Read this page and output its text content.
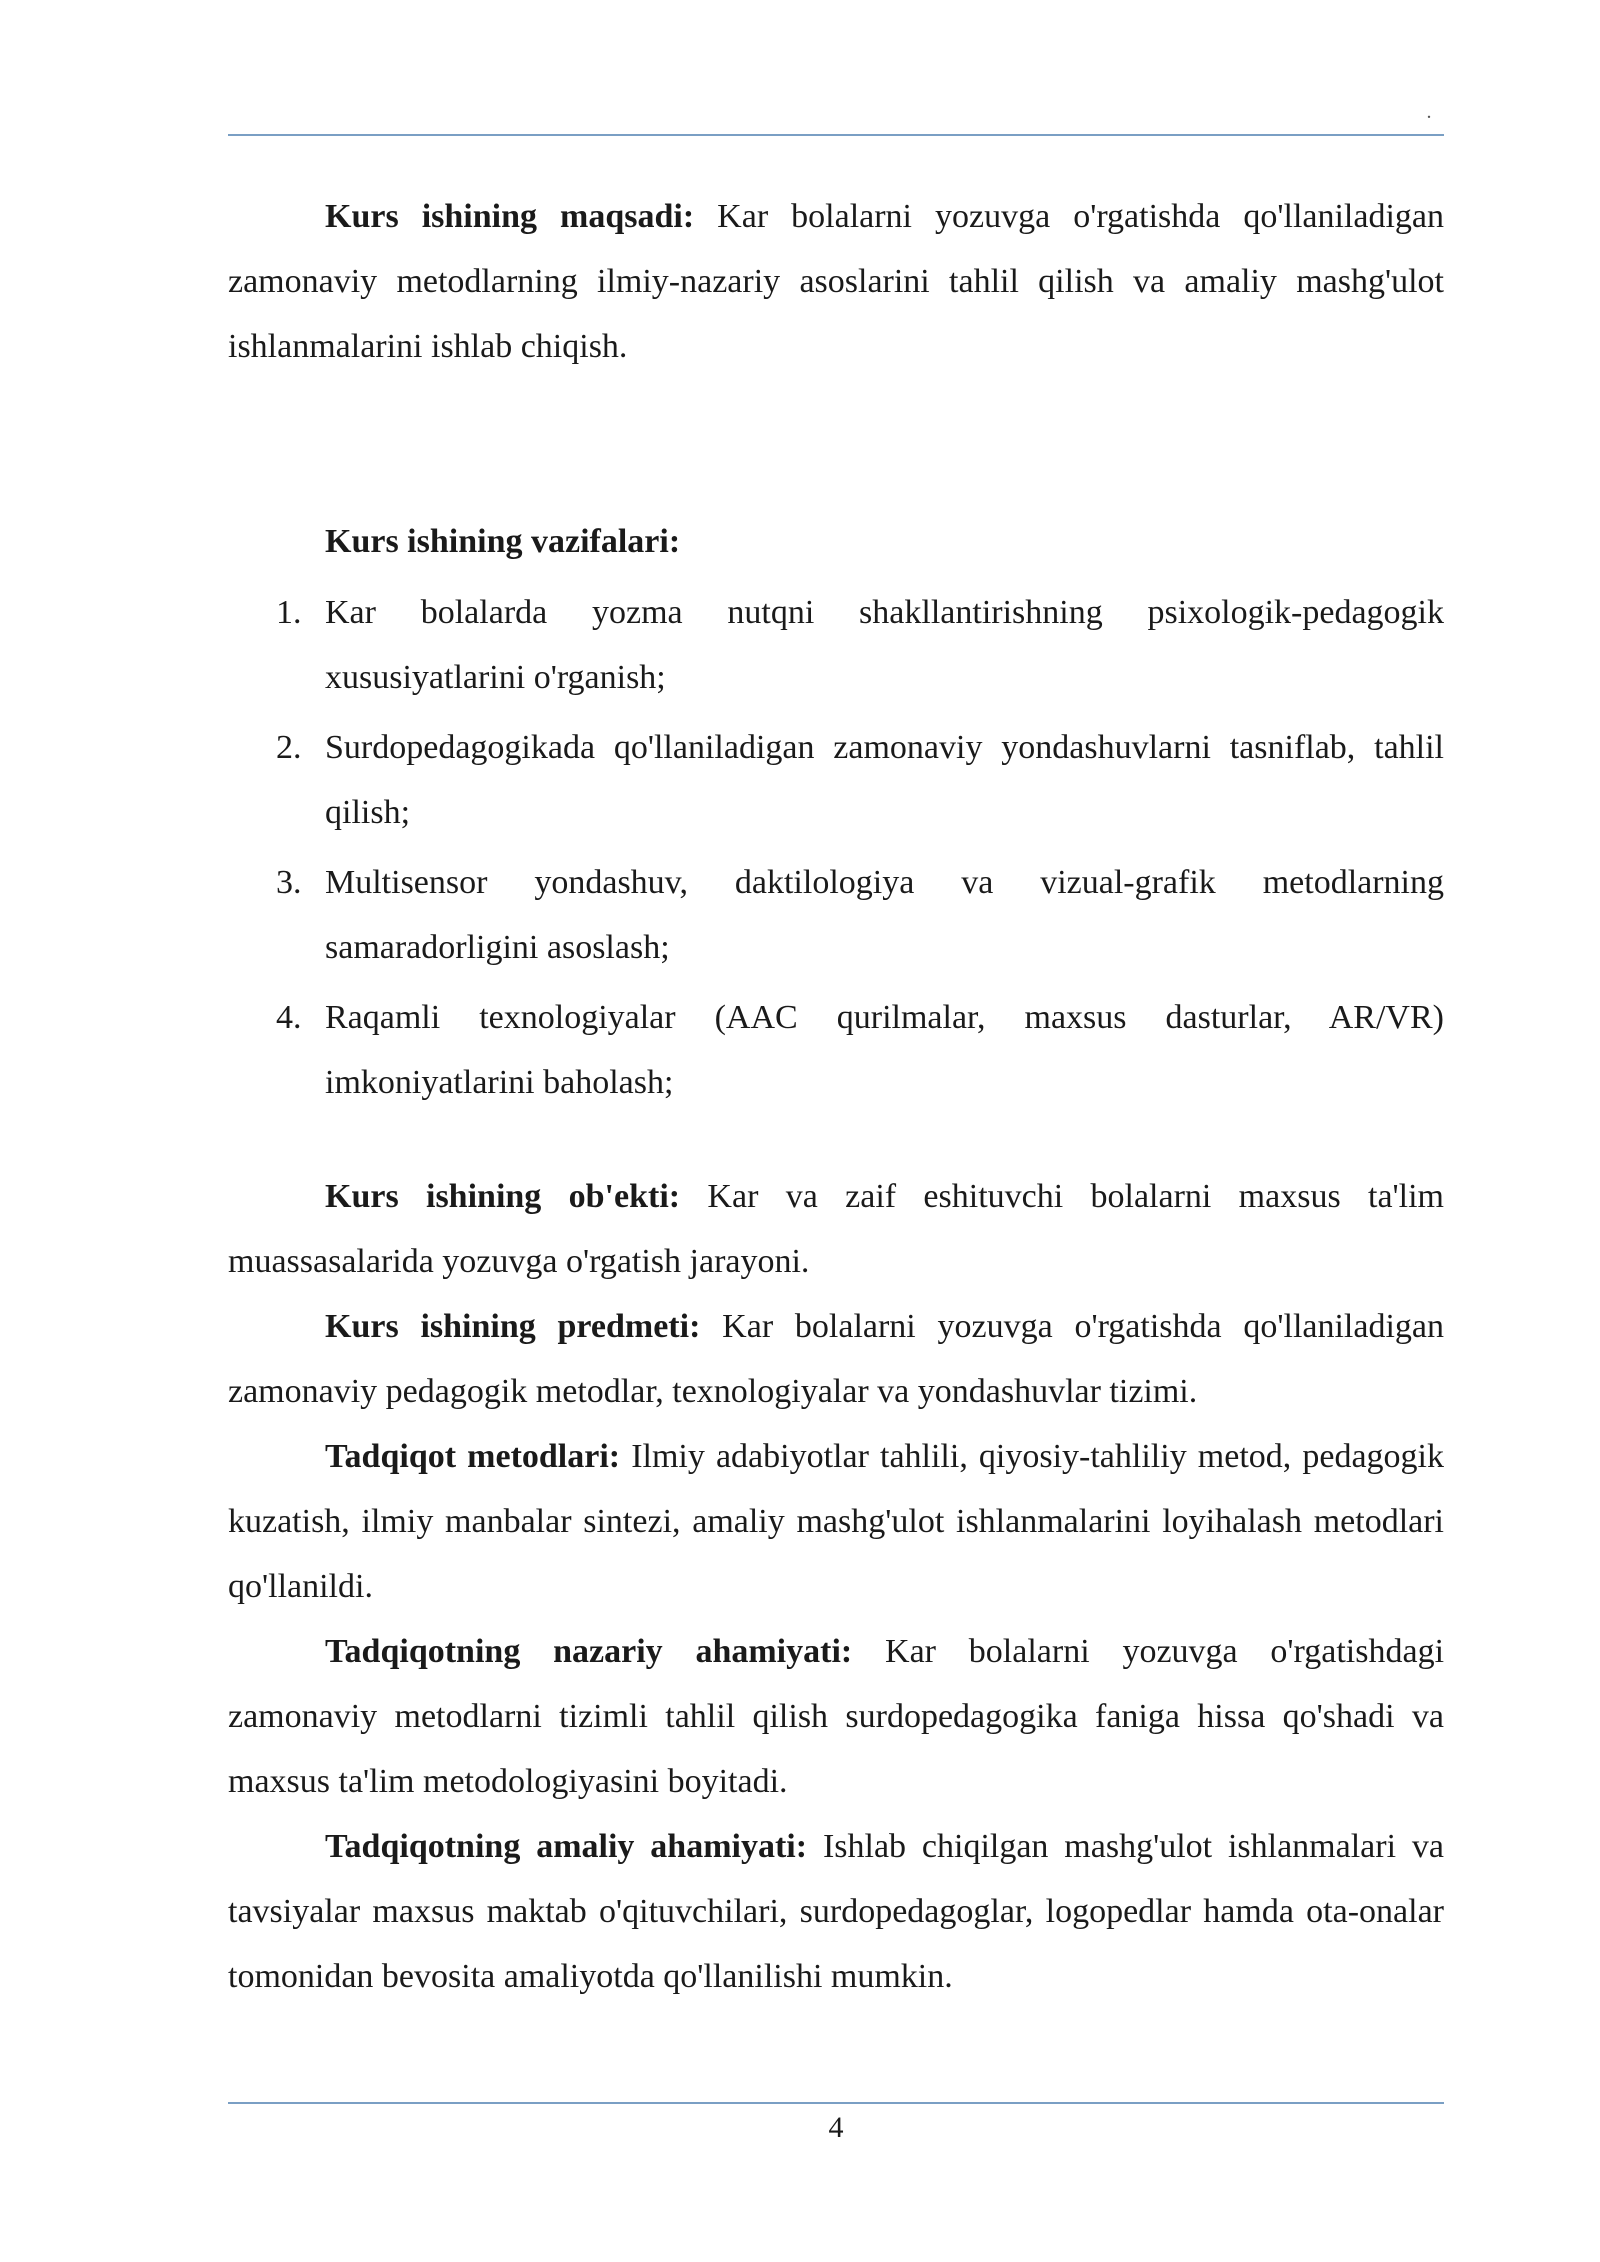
.

Kurs ishining maqsadi: Kar bolalarni yozuvga o'rgatishda qo'llaniladigan zamonaviy metodlarning ilmiy-nazariy asoslarini tahlil qilish va amaliy mashg'ulot ishlanmalarini ishlab chiqish.

Kurs ishining vazifalari:

1. Kar bolalarda yozma nutqni shakllantirishning psixologik-pedagogik xususiyatlarini o'rganish;
2. Surdopedagogikada qo'llaniladigan zamonaviy yondashuvlarni tasniflab, tahlil qilish;
3. Multisensor yondashuv, daktilologiya va vizual-grafik metodlarning samaradorligini asoslash;
4. Raqamli texnologiyalar (AAC qurilmalar, maxsus dasturlar, AR/VR) imkoniyatlarini baholash;

Kurs ishining ob'ekti: Kar va zaif eshituvchi bolalarni maxsus ta'lim muassasalarida yozuvga o'rgatish jarayoni.

Kurs ishining predmeti: Kar bolalarni yozuvga o'rgatishda qo'llaniladigan zamonaviy pedagogik metodlar, texnologiyalar va yondashuvlar tizimi.

Tadqiqot metodlari: Ilmiy adabiyotlar tahlili, qiyosiy-tahliliy metod, pedagogik kuzatish, ilmiy manbalar sintezi, amaliy mashg'ulot ishlanmalarini loyihalash metodlari qo'llanildi.

Tadqiqotning nazariy ahamiyati: Kar bolalarni yozuvga o'rgatishdagi zamonaviy metodlarni tizimli tahlil qilish surdopedagogika faniga hissa qo'shadi va maxsus ta'lim metodologiyasini boyitadi.

Tadqiqotning amaliy ahamiyati: Ishlab chiqilgan mashg'ulot ishlanmalari va tavsiyalar maxsus maktab o'qituvchilari, surdopedagoglar, logopedlar hamda ota-onalar tomonidan bevosita amaliyotda qo'llanilishi mumkin.

4
